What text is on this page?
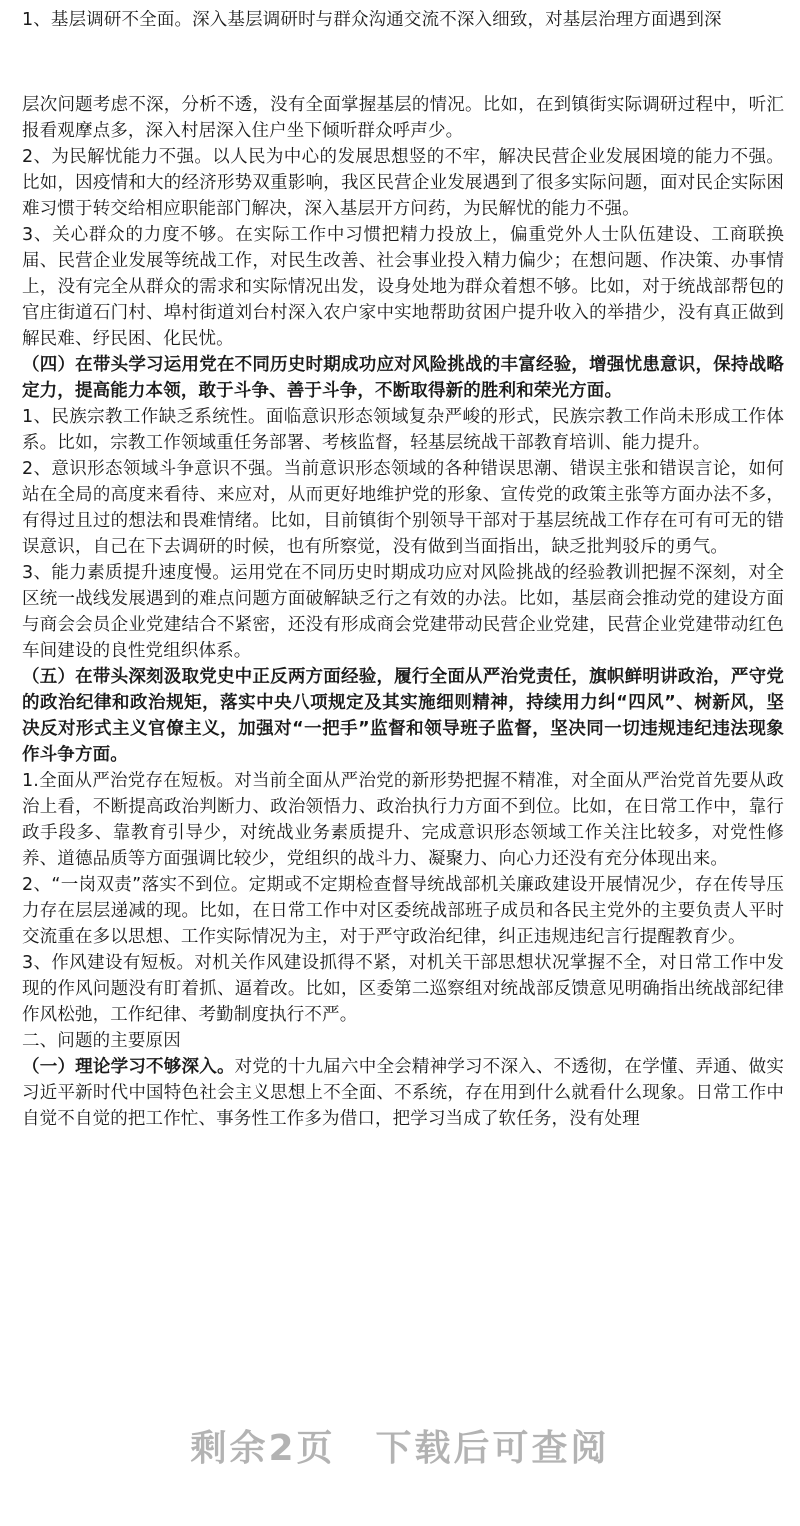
1、基层调研不全面。深入基层调研时与群众沟通交流不深入细致，对基层治理方面遇到深

层次问题考虑不深，分析不透，没有全面掌握基层的情况。比如，在到镇街实际调研过程中，听汇报看观摩点多，深入村居深入住户坐下倾听群众呼声少。

2、为民解忧能力不强。以人民为中心的发展思想竖的不牢，解决民营企业发展困境的能力不强。比如，因疫情和大的经济形势双重影响，我区民营企业发展遇到了很多实际问题，面对民企实际困难习惯于转交给相应职能部门解决，深入基层开方问药，为民解忧的能力不强。

3、关心群众的力度不够。在实际工作中习惯把精力投放上，偏重党外人士队伍建设、工商联换届、民营企业发展等统战工作，对民生改善、社会事业投入精力偏少；在想问题、作决策、办事情上，没有完全从群众的需求和实际情况出发，设身处地为群众着想不够。比如，对于统战部帮包的官庄街道石门村、埠村街道刘台村深入农户家中实地帮助贫困户提升收入的举措少，没有真正做到解民难、纾民困、化民忧。

（四）在带头学习运用党在不同历史时期成功应对风险挑战的丰富经验，增强忧患意识，保持战略定力，提高能力本领，敢于斗争、善于斗争，不断取得新的胜利和荣光方面。

1、民族宗教工作缺乏系统性。面临意识形态领域复杂严峻的形式，民族宗教工作尚未形成工作体系。比如，宗教工作领域重任务部署、考核监督，轻基层统战干部教育培训、能力提升。

2、意识形态领域斗争意识不强。当前意识形态领域的各种错误思潮、错误主张和错误言论，如何站在全局的高度来看待、来应对，从而更好地维护党的形象、宣传党的政策主张等方面办法不多，有得过且过的想法和畏难情绪。比如，目前镇街个别领导干部对于基层统战工作存在可有可无的错误意识，自己在下去调研的时候，也有所察觉，没有做到当面指出，缺乏批判驳斥的勇气。

3、能力素质提升速度慢。运用党在不同历史时期成功应对风险挑战的经验教训把握不深刻，对全区统一战线发展遇到的难点问题方面破解缺乏行之有效的办法。比如，基层商会推动党的建设方面与商会会员企业党建结合不紧密，还没有形成商会党建带动民营企业党建，民营企业党建带动红色车间建设的良性党组织体系。

（五）在带头深刻汲取党史中正反两方面经验，履行全面从严治党责任，旗帜鲜明讲政治，严守党的政治纪律和政治规矩，落实中央八项规定及其实施细则精神，持续用力纠“四风”、树新风，坚决反对形式主义官僚主义，加强对“一把手”监督和领导班子监督，坚决同一切违规违纪违法现象作斗争方面。

1.全面从严治党存在短板。对当前全面从严治党的新形势把握不精准，对全面从严治党首先要从政治上看，不断提高政治判断力、政治领悟力、政治执行力方面不到位。比如，在日常工作中，靠行政手段多、靠教育引导少，对统战业务素质提升、完成意识形态领域工作关注比较多，对党性修养、道德品质等方面强调比较少，党组织的战斗力、凝聚力、向心力还没有充分体现出来。

2、“一岗双责”落实不到位。定期或不定期检查督导统战部机关廉政建设开展情况少，存在传导压力存在层层递减的现。比如，在日常工作中对区委统战部班子成员和各民主党外的主要负责人平时交流重在多以思想、工作实际情况为主，对于严守政治纪律，纠正违规违纪言行提醒教育少。

3、作风建设有短板。对机关作风建设抓得不紧，对机关干部思想状况掌握不全，对日常工作中发现的作风问题没有盯着抓、逼着改。比如，区委第二巡察组对统战部反馈意见明确指出统战部纪律作风松弛，工作纪律、考勤制度执行不严。

二、问题的主要原因

（一）理论学习不够深入。对党的十九届六中全会精神学习不深入、不透彻，在学懂、弄通、做实习近平新时代中国特色社会主义思想上不全面、不系统，存在用到什么就看什么现象。日常工作中自觉不自觉的把工作忙、事务性工作多为借口，把学习当成了软任务，没有处理

剩余2页 下载后可查阅
